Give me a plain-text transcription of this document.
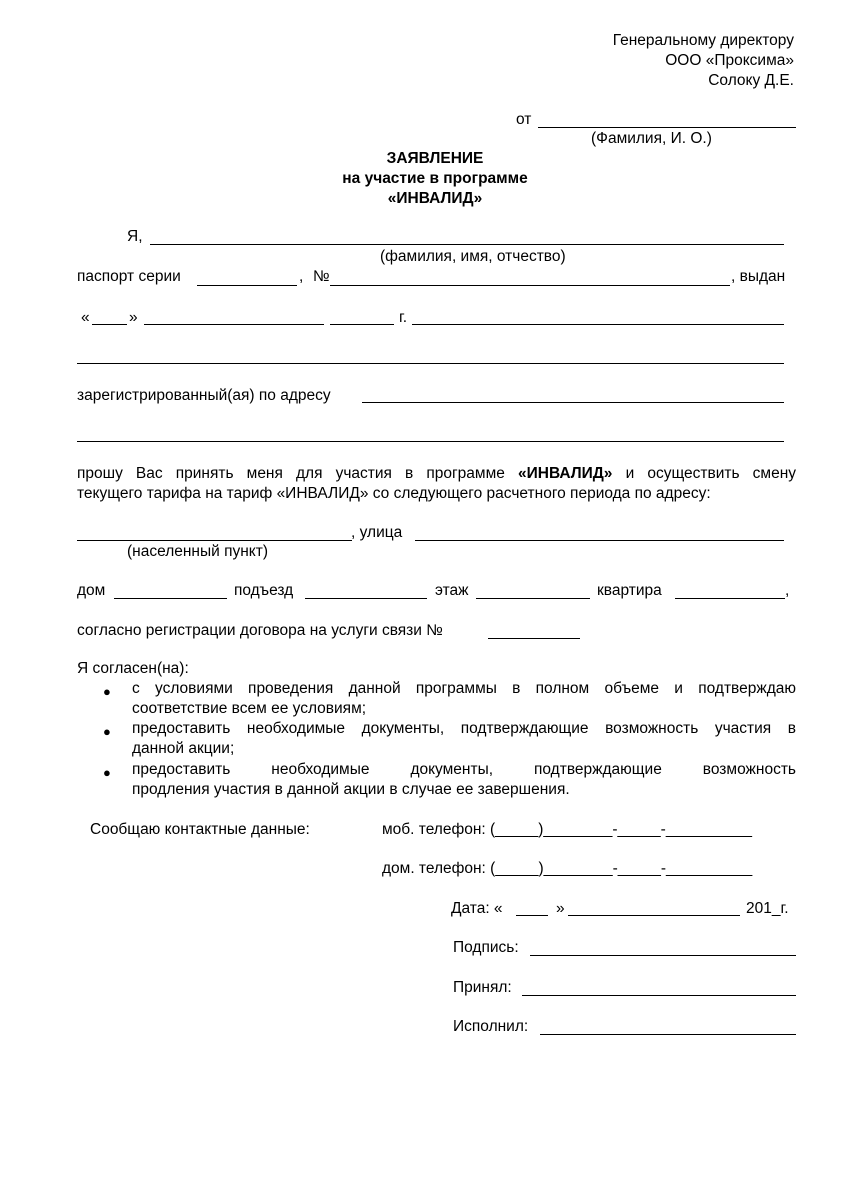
Генеральному директору
ООО «Проксима»
Солоку Д.Е.
от
(Фамилия, И. О.)
ЗАЯВЛЕНИЕ
на участие в программе
«ИНВАЛИД»
Я,
(фамилия, имя, отчество)
паспорт серии	, №	, выдан
«	»	г.
зарегистрированный(ая) по адресу
прошу Вас принять меня для участия в программе «ИНВАЛИД» и осуществить смену
текущего тарифа на тариф «ИНВАЛИД» со следующего расчетного периода по адресу:
, улица
(населенный пункт)
дом	подъезд	этаж	квартира	,
согласно регистрации договора на услуги связи №
Я согласен(на):
● с условиями проведения данной программы в полном объеме и подтверждаю
соответствие всем ее условиям;
● предоставить необходимые документы, подтверждающие возможность участия в
данной акции;
● предоставить необходимые документы, подтверждающие возможность
продления участия в данной акции в случае ее завершения.
Сообщаю контактные данные:	моб. телефон: (_____)________-_____-__________
дом. телефон: (_____)________-_____-__________
Дата: «	»	201_г.
Подпись:
Принял:
Исполнил:
